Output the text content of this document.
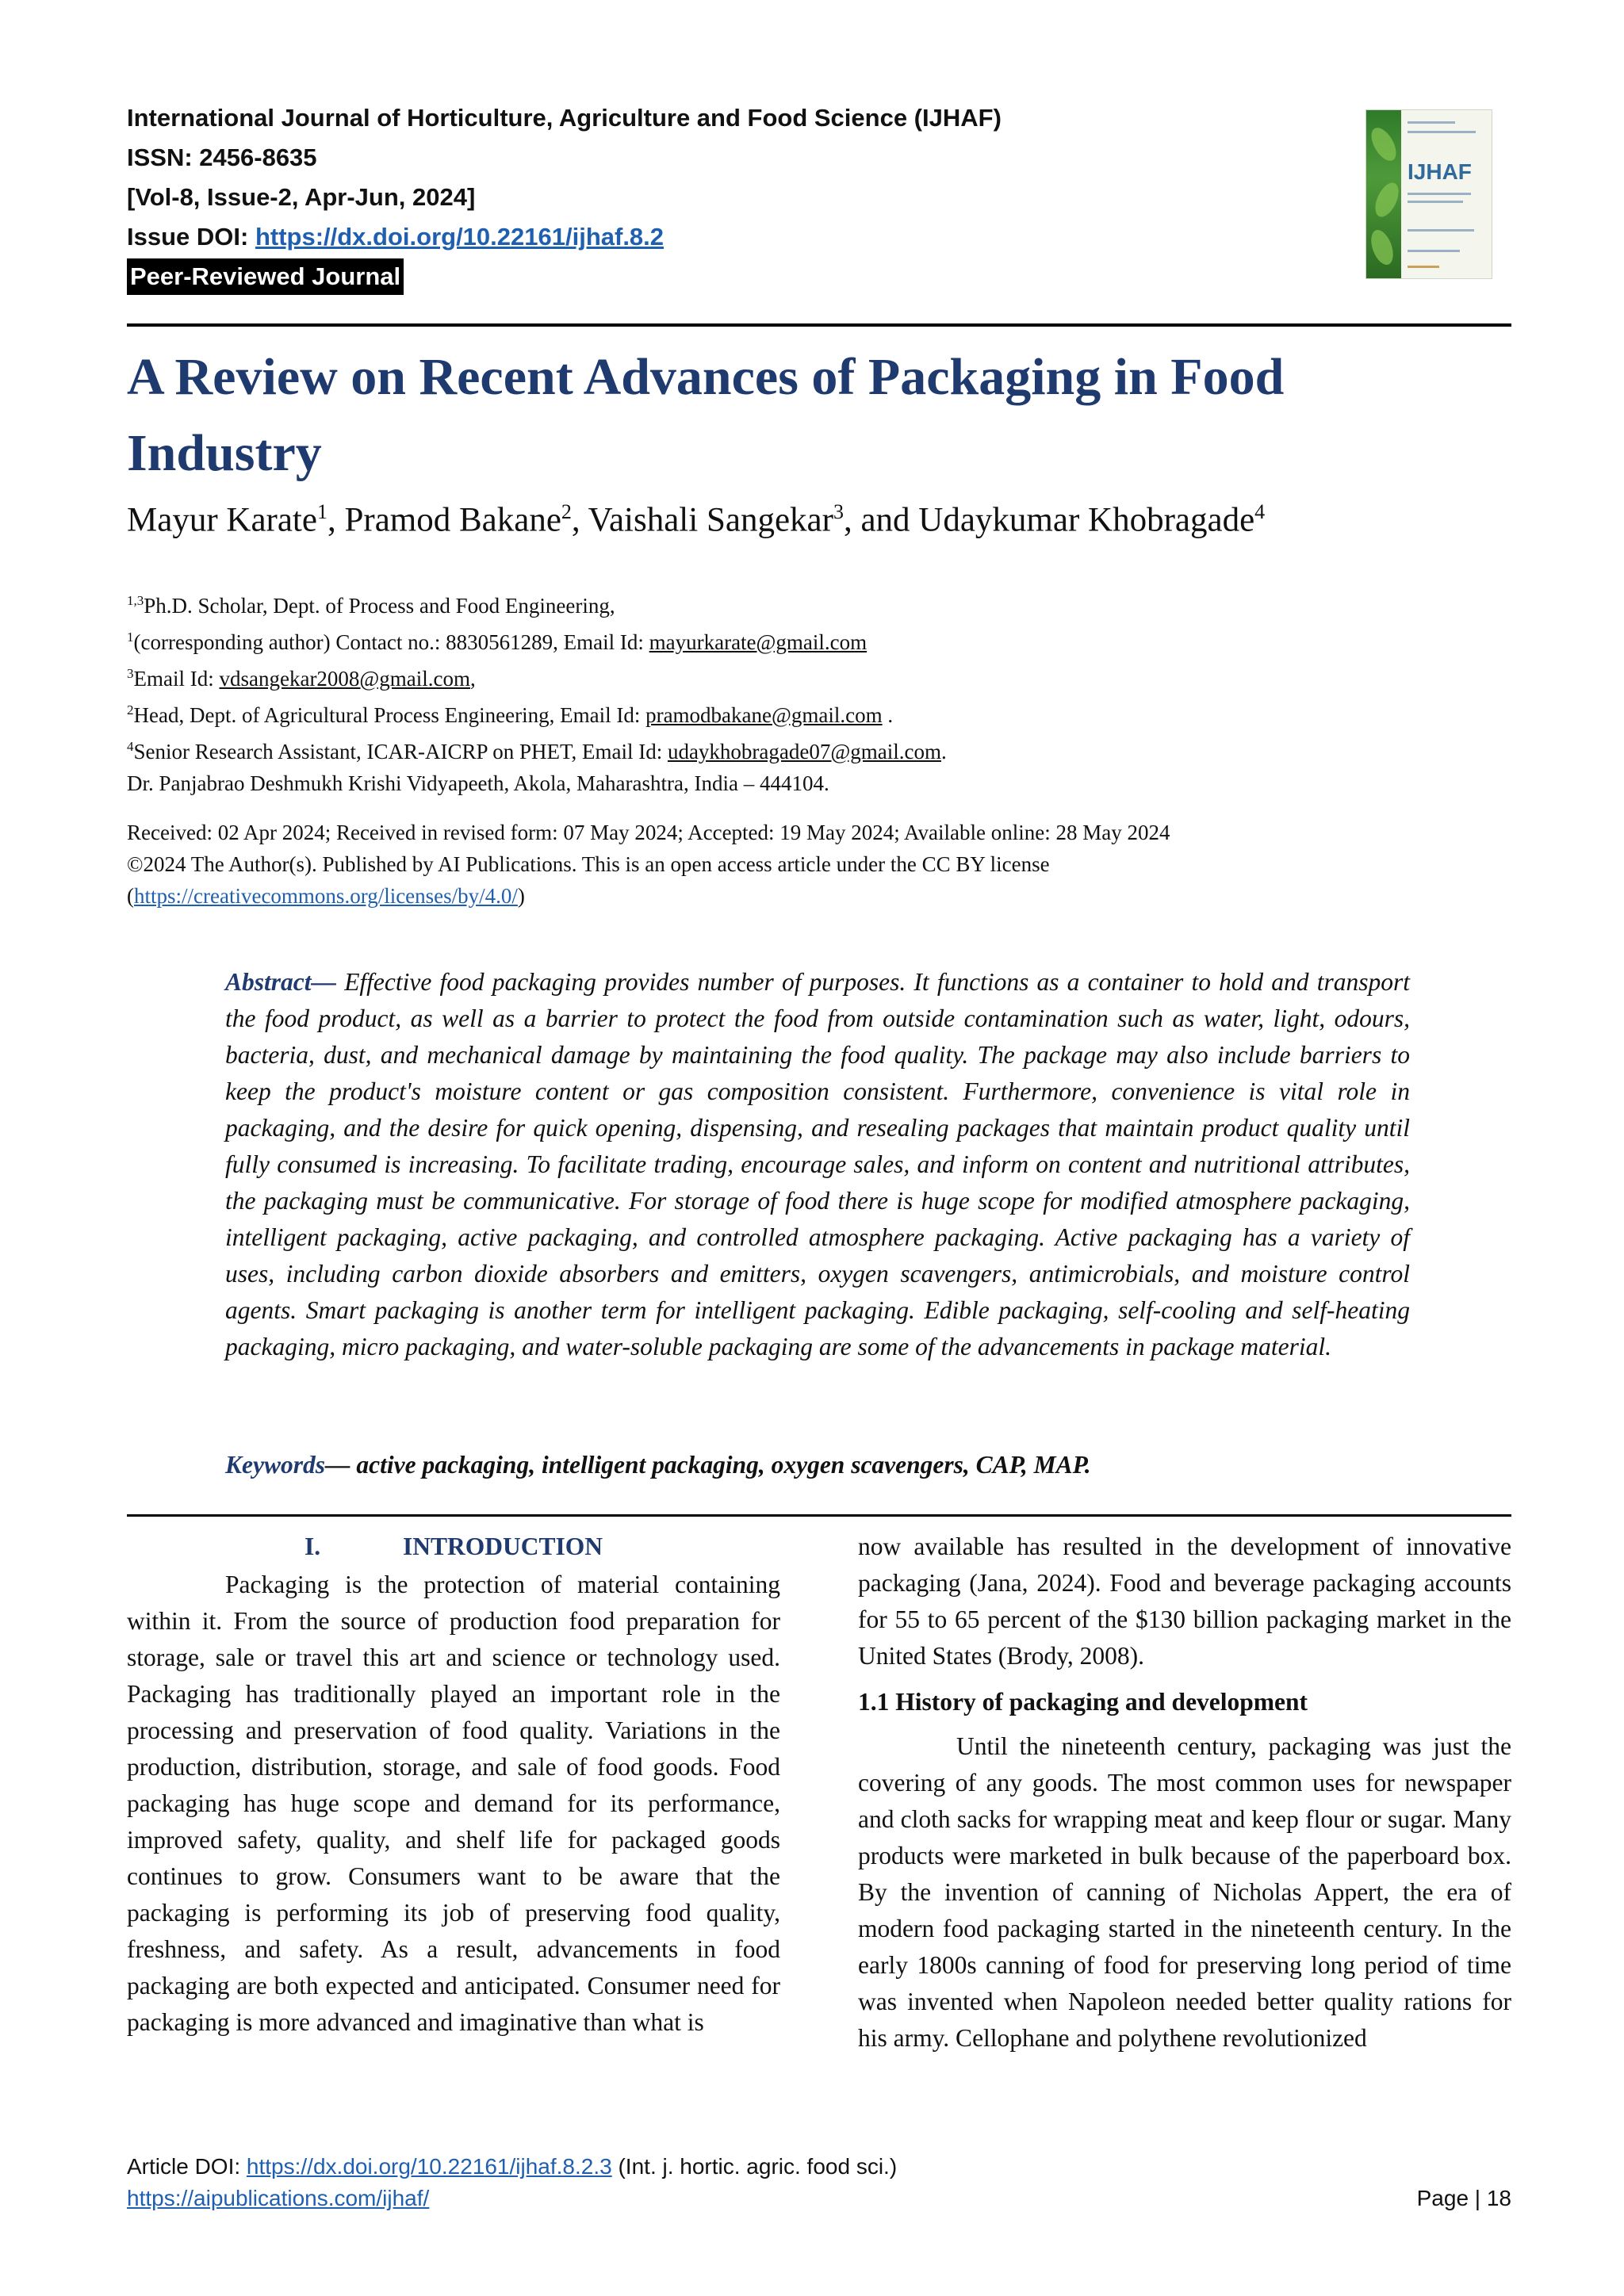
International Journal of Horticulture, Agriculture and Food Science (IJHAF)
ISSN: 2456-8635
[Vol-8, Issue-2, Apr-Jun, 2024]
Issue DOI: https://dx.doi.org/10.22161/ijhaf.8.2
Peer-Reviewed Journal
IJHAF
A Review on Recent Advances of Packaging in Food Industry
Mayur Karate$^1$, Pramod Bakane$^2$, Vaishali Sangekar$^3$, and Udaykumar Khobragade$^4$
$^{1,3}$Ph.D. Scholar, Dept. of Process and Food Engineering,
$^1$(corresponding author) Contact no.: 8830561289, Email Id: mayurkarate@gmail.com
$^3$Email Id: vdsangekar2008@gmail.com,
$^2$Head, Dept. of Agricultural Process Engineering, Email Id: pramodbakane@gmail.com .
$^4$Senior Research Assistant, ICAR-AICRP on PHET, Email Id: udaykhobragade07@gmail.com.
Dr. Panjabrao Deshmukh Krishi Vidyapeeth, Akola, Maharashtra, India – 444104.
Received: 02 Apr 2024; Received in revised form: 07 May 2024; Accepted: 19 May 2024; Available online: 28 May 2024
©2024 The Author(s). Published by AI Publications. This is an open access article under the CC BY license
(https://creativecommons.org/licenses/by/4.0/)

Abstract— Effective food packaging provides number of purposes. It functions as a container to hold and transport the food product, as well as a barrier to protect the food from outside contamination such as water, light, odours, bacteria, dust, and mechanical damage by maintaining the food quality. The package may also include barriers to keep the product's moisture content or gas composition consistent. Furthermore, convenience is vital role in packaging, and the desire for quick opening, dispensing, and resealing packages that maintain product quality until fully consumed is increasing. To facilitate trading, encourage sales, and inform on content and nutritional attributes, the packaging must be communicative. For storage of food there is huge scope for modified atmosphere packaging, intelligent packaging, active packaging, and controlled atmosphere packaging. Active packaging has a variety of uses, including carbon dioxide absorbers and emitters, oxygen scavengers, antimicrobials, and moisture control agents. Smart packaging is another term for intelligent packaging. Edible packaging, self-cooling and self-heating packaging, micro packaging, and water-soluble packaging are some of the advancements in package material.

Keywords— active packaging, intelligent packaging, oxygen scavengers, CAP, MAP.
I.	INTRODUCTION

Packaging is the protection of material containing within it. From the source of production food preparation for storage, sale or travel this art and science or technology used. Packaging has traditionally played an important role in the processing and preservation of food quality. Variations in the production, distribution, storage, and sale of food goods. Food packaging has huge scope and demand for its performance, improved safety, quality, and shelf life for packaged goods continues to grow. Consumers want to be aware that the packaging is performing its job of preserving food quality, freshness, and safety. As a result, advancements in food packaging are both expected and anticipated. Consumer need for packaging is more advanced and imaginative than what is

now available has resulted in the development of innovative packaging (Jana, 2024). Food and beverage packaging accounts for 55 to 65 percent of the $130 billion packaging market in the United States (Brody, 2008).

1.1 History of packaging and development

Until the nineteenth century, packaging was just the covering of any goods. The most common uses for newspaper and cloth sacks for wrapping meat and keep flour or sugar. Many products were marketed in bulk because of the paperboard box. By the invention of canning of Nicholas Appert, the era of modern food packaging started in the nineteenth century. In the early 1800s canning of food for preserving long period of time was invented when Napoleon needed better quality rations for his army. Cellophane and polythene revolutionized

Article DOI: https://dx.doi.org/10.22161/ijhaf.8.2.3 (Int. j. hortic. agric. food sci.)
https://aipublications.com/ijhaf/	Page | 18
